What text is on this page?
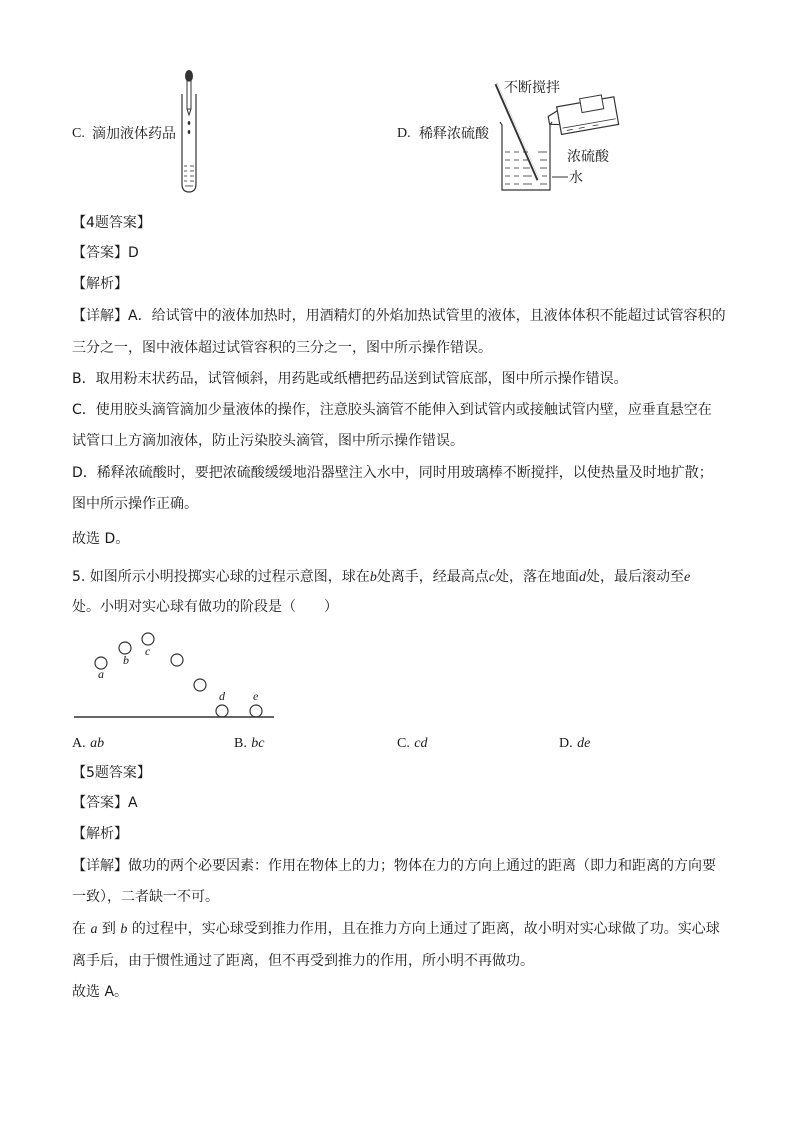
C. 滴加液体药品	D. 稀释浓硫酸
不断搅拌
浓硫酸
水
【4题答案】
【答案】 D
【解析】
【详解】 A．给试管中的液体加热时，用酒精灯的外焰加热试管里的液体，且液体体积不能超过试管容积的
三分之一，图中液体超过试管容积的三分之一，图中所示操作错误。
B．取用粉末状药品，试管倾斜，用药匙或纸槽把药品送到试管底部，图中所示操作错误。
C．使用胶头滴管滴加少量液体的操作，注意胶头滴管不能伸入到试管内或接触试管内壁，应垂直悬空在
试管口上方滴加液体，防止污染胶头滴管，图中所示操作错误。
D．稀释浓硫酸时，要把浓硫酸缓缓地沿器壁注入水中，同时用玻璃棒不断搅拌，以使热量及时地扩散；
图中所示操作正确。
故选 D。
5. 如图所示小明投掷实心球的过程示意图，球在b处离手，经最高点c处，落在地面d处，最后滚动至e
处。小明对实心球有做功的阶段是（　　）
a
b
c
d e
A. ab	B. bc	C. cd	D. de
【5题答案】
【答案】 A
【解析】
【详解】 做功的两个必要因素：作用在物体上的力；物体在力的方向上通过的距离（即力和距离的方向要
一致），二者缺一不可。
在 a 到 b 的过程中，实心球受到推力作用，且在推力方向上通过了距离，故小明对实心球做了功。实心球
离手后，由于惯性通过了距离，但不再受到推力的作用，所小明不再做功。
故选 A。
